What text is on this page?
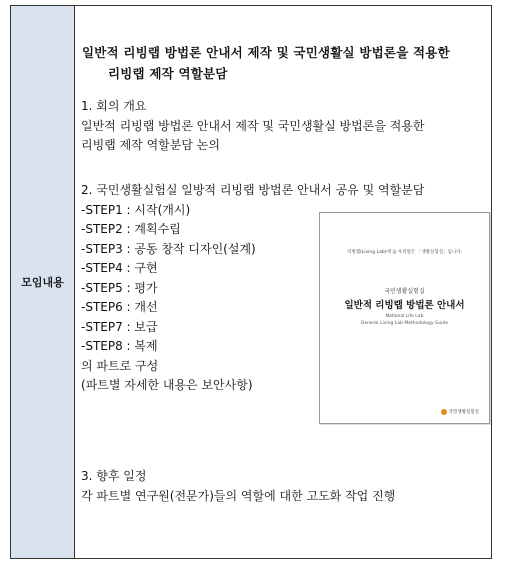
모임내용
일반적 리빙랩 방법론 안내서 제작 및 국민생활실 방법론을 적용한
리빙랩 제작 역할분담
1. 회의 개요
일반적 리빙랩 방법론 안내서 제작 및 국민생활실 방법론을 적용한
리빙랩 제작 역할분담 논의
2. 국민생활실험실 일방적 리빙랩 방법론 안내서 공유 및 역할분담
-STEP1 : 시작(개시)
-STEP2 : 계획수립
-STEP3 : 공동 창작 디자인(설계)
-STEP4 : 구현
-STEP5 : 평가
-STEP6 : 개선
-STEP7 : 보급
-STEP8 : 복제
의 파트로 구성
(파트별 자세한 내용은 보안사항)
3. 향후 일정
각 파트별 연구원(전문가)들의 역할에 대한 고도화 작업 진행
리빙랩(Living Lab)에 숨 우리말은 「생활실험실」입니다.
국민생활실험실
일반적 리빙랩 방법론 안내서
National Life Lab
General Living Lab Methodology Guide
국민생활실험실
